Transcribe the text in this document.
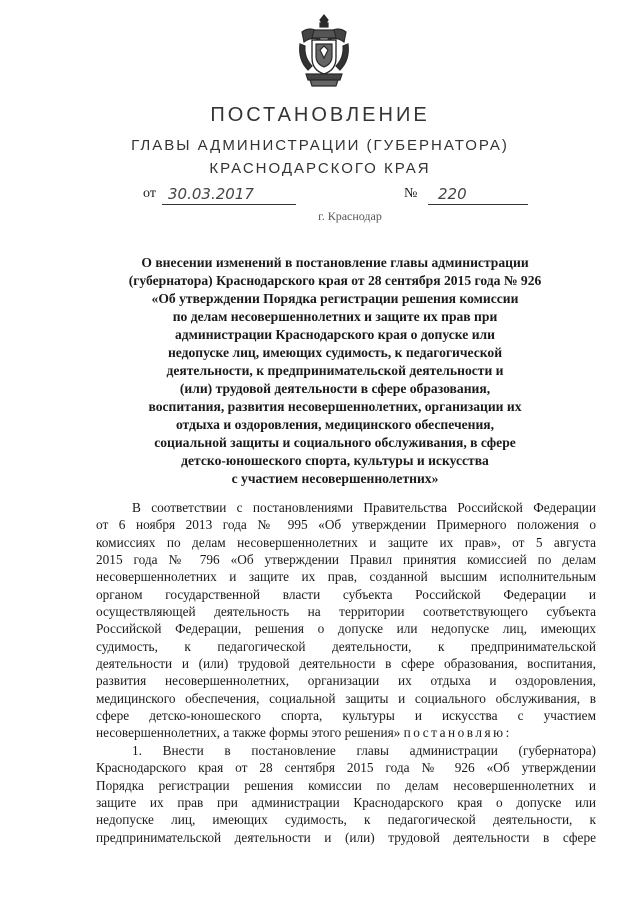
ПОСТАНОВЛЕНИЕ
ГЛАВЫ АДМИНИСТРАЦИИ (ГУБЕРНАТОРА)
КРАСНОДАРСКОГО КРАЯ
от 30.03.2017	№	220
г. Краснодар
О внесении изменений в постановление главы администрации
(губернатора) Краснодарского края от 28 сентября 2015 года № 926
«Об утверждении Порядка регистрации решения комиссии
по делам несовершеннолетних и защите их прав при
администрации Краснодарского края о допуске или
недопуске лиц, имеющих судимость, к педагогической
деятельности, к предпринимательской деятельности и
(или) трудовой деятельности в сфере образования,
воспитания, развития несовершеннолетних, организации их
отдыха и оздоровления, медицинского обеспечения,
социальной защиты и социального обслуживания, в сфере
детско-юношеского спорта, культуры и искусства
с участием несовершеннолетних»
В соответствии с постановлениями Правительства Российской Федерации
от 6 ноября 2013 года № 995 «Об утверждении Примерного положения о
комиссиях по делам несовершеннолетних и защите их прав», от 5 августа
2015 года № 796 «Об утверждении Правил принятия комиссией по делам
несовершеннолетних и защите их прав, созданной высшим исполнительным
органом государственной власти субъекта Российской Федерации и
осуществляющей деятельность на территории соответствующего субъекта
Российской Федерации, решения о допуске или недопуске лиц, имеющих
судимость, к педагогической деятельности, к предпринимательской
деятельности и (или) трудовой деятельности в сфере образования, воспитания,
развития несовершеннолетних, организации их отдыха и оздоровления,
медицинского обеспечения, социальной защиты и социального обслуживания, в
сфере детско-юношеского спорта, культуры и искусства с участием
несовершеннолетних, а также формы этого решения» постановляю:
1. Внести в постановление главы администрации (губернатора)
Краснодарского края от 28 сентября 2015 года № 926 «Об утверждении
Порядка регистрации решения комиссии по делам несовершеннолетних и
защите их прав при администрации Краснодарского края о допуске или
недопуске лиц, имеющих судимость, к педагогической деятельности, к
предпринимательской деятельности и (или) трудовой деятельности в сфере
